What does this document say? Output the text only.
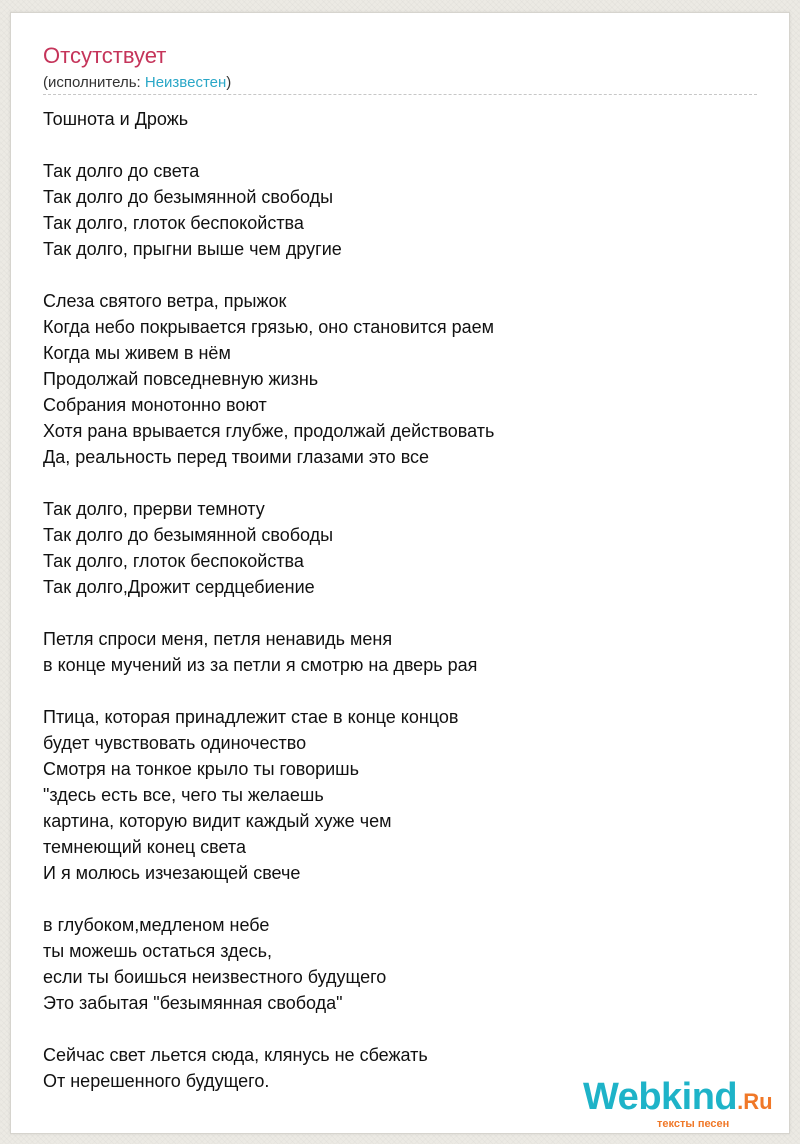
Отсутствует
(исполнитель: Неизвестен)
Тошнота и Дрожь
Так долго до света
Так долго до безымянной свободы
Так долго, глоток беспокойства
Так долго, прыгни выше чем другие
Слеза святого ветра, прыжок
Когда небо покрывается грязью, оно становится раем
Когда мы живем в нём
Продолжай повседневную жизнь
Собрания монотонно воют
Хотя рана врывается глубже, продолжай действовать
Да, реальность перед твоими глазами это все
Так долго, прерви темноту
Так долго до безымянной свободы
Так долго, глоток беспокойства
Так долго,Дрожит сердцебиение
Петля спроси меня, петля ненавидь меня
в конце мучений из за петли я смотрю на дверь рая
Птица, которая принадлежит стае в конце концов
будет чувствовать одиночество
Смотря на тонкое крыло ты говоришь
"здесь есть все, чего ты желаешь
картина, которую видит каждый хуже чем
темнеющий конец света
И я молюсь изчезающей свече
в глубоком,медленом небе
ты можешь остаться здесь,
если ты боишься неизвестного будущего
Это забытая "безымянная свобода"
Сейчас свет льется сюда, клянусь не сбежать
От нерешенного будущего.	Webkind.Ru
тексты песен
